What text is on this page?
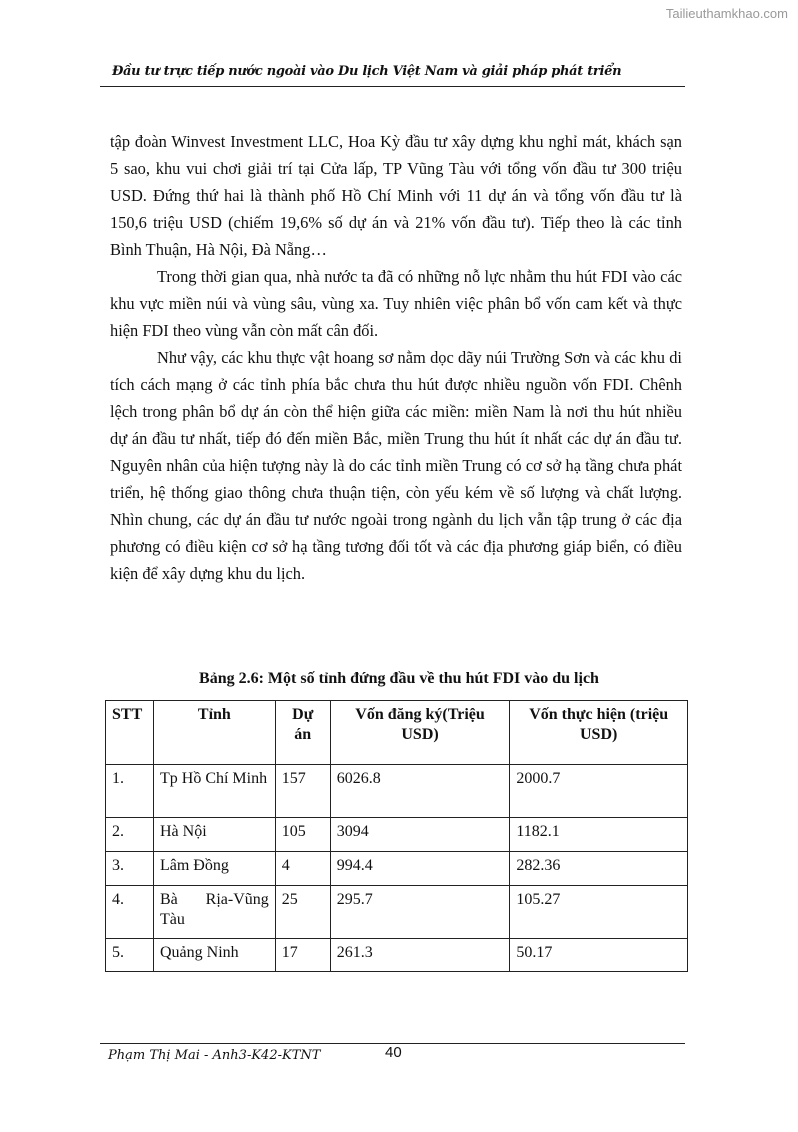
Tailieuthamkhao.com
Đầu tư trực tiếp nước ngoài vào Du lịch Việt Nam và giải pháp phát triển

tập đoàn Winvest Investment LLC, Hoa Kỳ đầu tư xây dựng khu nghỉ mát, khách sạn 5 sao, khu vui chơi giải trí tại Cửa lấp, TP Vũng Tàu với tổng vốn đầu tư 300 triệu USD. Đứng thứ hai là thành phố Hồ Chí Minh với 11 dự án và tổng vốn đầu tư là 150,6 triệu USD (chiếm 19,6% số dự án và 21% vốn đầu tư). Tiếp theo là các tỉnh Bình Thuận, Hà Nội, Đà Nẵng…

Trong thời gian qua, nhà nước ta đã có những nỗ lực nhằm thu hút FDI vào các khu vực miền núi và vùng sâu, vùng xa. Tuy nhiên việc phân bổ vốn cam kết và thực hiện FDI theo vùng vẫn còn mất cân đối.

Như vậy, các khu thực vật hoang sơ nằm dọc dãy núi Trường Sơn và các khu di tích cách mạng ở các tỉnh phía bắc chưa thu hút được nhiều nguồn vốn FDI. Chênh lệch trong phân bổ dự án còn thể hiện giữa các miền: miền Nam là nơi thu hút nhiều dự án đầu tư nhất, tiếp đó đến miền Bắc, miền Trung thu hút ít nhất các dự án đầu tư. Nguyên nhân của hiện tượng này là do các tỉnh miền Trung có cơ sở hạ tầng chưa phát triển, hệ thống giao thông chưa thuận tiện, còn yếu kém về số lượng và chất lượng. Nhìn chung, các dự án đầu tư nước ngoài trong ngành du lịch vẫn tập trung ở các địa phương có điều kiện cơ sở hạ tầng tương đối tốt và các địa phương giáp biển, có điều kiện để xây dựng khu du lịch.

Bảng 2.6: Một số tỉnh đứng đầu về thu hút FDI vào du lịch
STT	Tỉnh	Dự án	Vốn đăng ký(Triệu USD)	Vốn thực hiện (triệu USD)
1.	Tp Hồ Chí Minh	157	6026.8	2000.7
2.	Hà Nội	105	3094	1182.1
3.	Lâm Đồng	4	994.4	282.36
4.	Bà Rịa-Vũng Tàu	25	295.7	105.27
5.	Quảng Ninh	17	261.3	50.17
Phạm Thị Mai - Anh3-K42-KTNT	40
